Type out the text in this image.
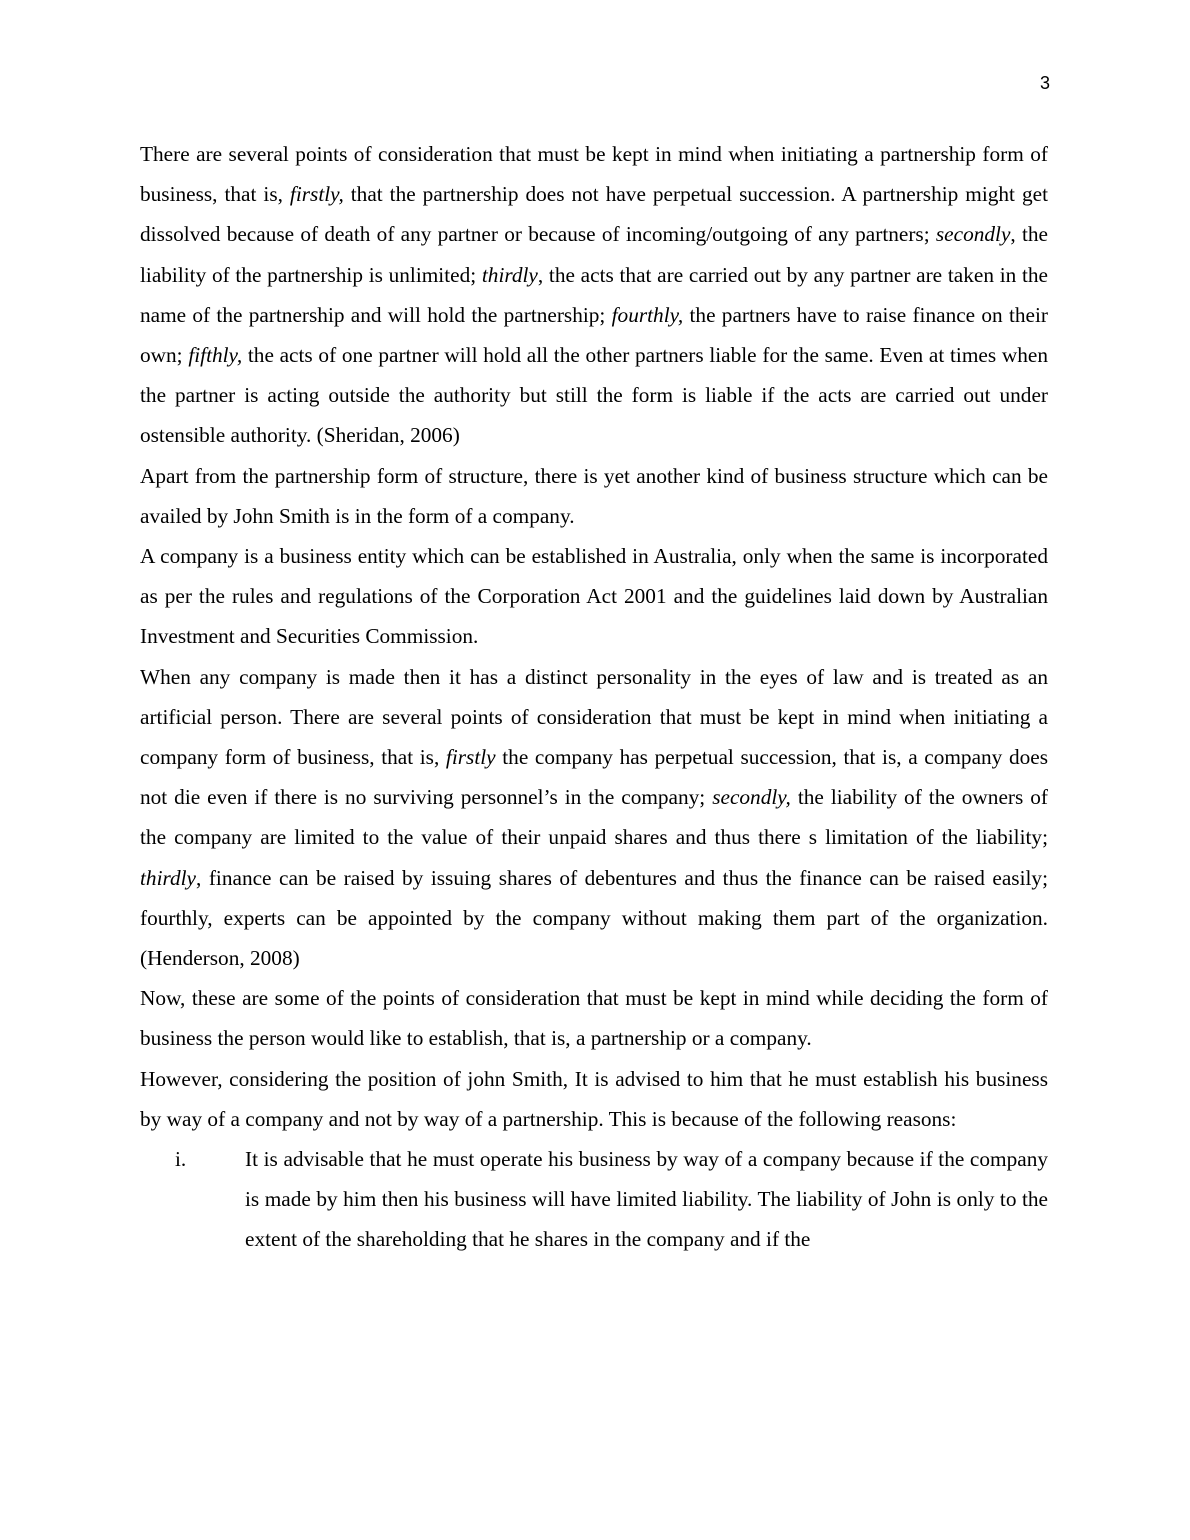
3

There are several points of consideration that must be kept in mind when initiating a partnership form of business, that is, firstly, that the partnership does not have perpetual succession. A partnership might get dissolved because of death of any partner or because of incoming/outgoing of any partners; secondly, the liability of the partnership is unlimited; thirdly, the acts that are carried out by any partner are taken in the name of the partnership and will hold the partnership; fourthly, the partners have to raise finance on their own; fifthly, the acts of one partner will hold all the other partners liable for the same. Even at times when the partner is acting outside the authority but still the form is liable if the acts are carried out under ostensible authority. (Sheridan, 2006)

Apart from the partnership form of structure, there is yet another kind of business structure which can be availed by John Smith is in the form of a company.

A company is a business entity which can be established in Australia, only when the same is incorporated as per the rules and regulations of the Corporation Act 2001 and the guidelines laid down by Australian Investment and Securities Commission.

When any company is made then it has a distinct personality in the eyes of law and is treated as an artificial person. There are several points of consideration that must be kept in mind when initiating a company form of business, that is, firstly the company has perpetual succession, that is, a company does not die even if there is no surviving personnel’s in the company; secondly, the liability of the owners of the company are limited to the value of their unpaid shares and thus there s limitation of the liability; thirdly, finance can be raised by issuing shares of debentures and thus the finance can be raised easily; fourthly, experts can be appointed by the company without making them part of the organization. (Henderson, 2008)

Now, these are some of the points of consideration that must be kept in mind while deciding the form of business the person would like to establish, that is, a partnership or a company.

However, considering the position of john Smith, It is advised to him that he must establish his business by way of a company and not by way of a partnership. This is because of the following reasons:

i.	It is advisable that he must operate his business by way of a company because if the company is made by him then his business will have limited liability. The liability of John is only to the extent of the shareholding that he shares in the company and if the
